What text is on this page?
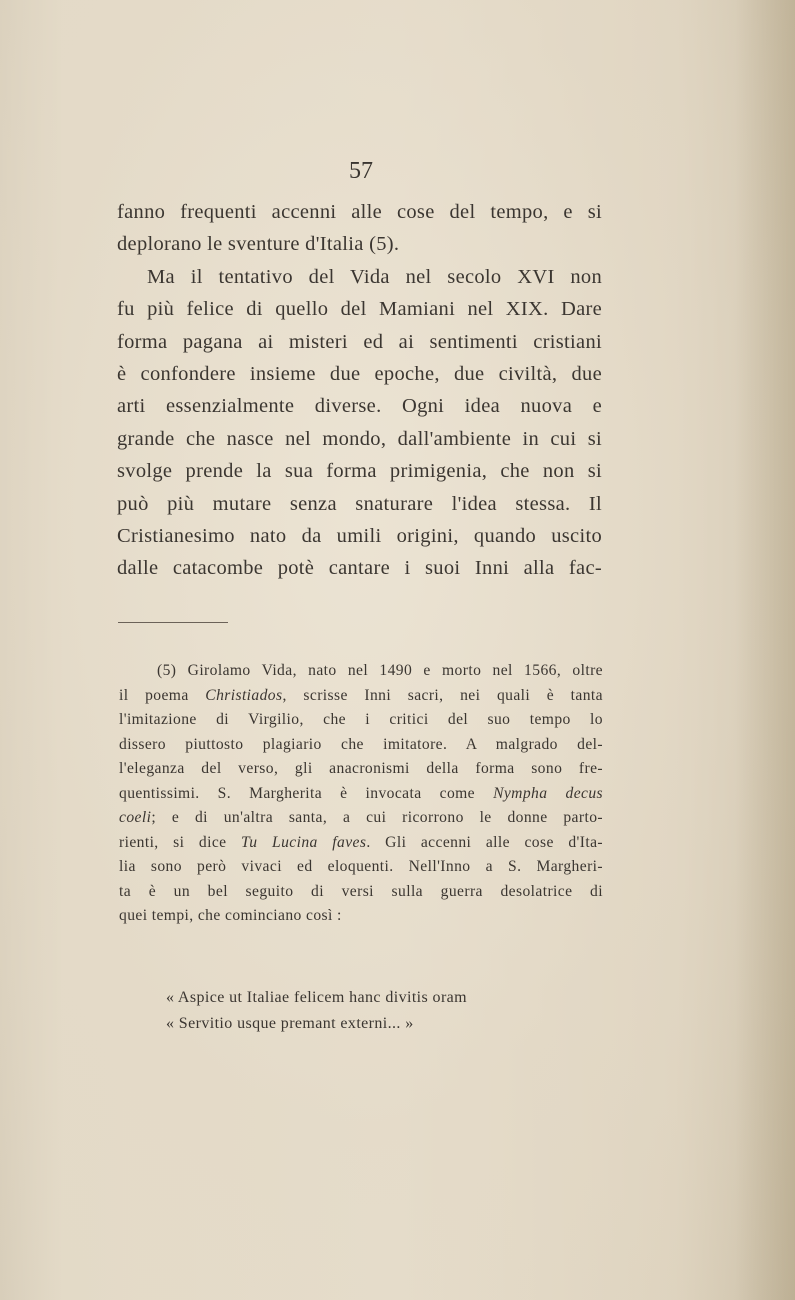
57
fanno frequenti accenni alle cose del tempo, e si
deplorano le sventure d'Italia (5).
Ma il tentativo del Vida nel secolo XVI non
fu più felice di quello del Mamiani nel XIX. Dare
forma pagana ai misteri ed ai sentimenti cristiani
è confondere insieme due epoche, due civiltà, due
arti essenzialmente diverse. Ogni idea nuova e
grande che nasce nel mondo, dall'ambiente in cui si
svolge prende la sua forma primigenia, che non si
può più mutare senza snaturare l'idea stessa. Il
Cristianesimo nato da umili origini, quando uscito
dalle catacombe potè cantare i suoi Inni alla fac-
(5) Girolamo Vida, nato nel 1490 e morto nel 1566, oltre
il poema Christiados, scrisse Inni sacri, nei quali è tanta
l'imitazione di Virgilio, che i critici del suo tempo lo
dissero piuttosto plagiario che imitatore. A malgrado del-
l'eleganza del verso, gli anacronismi della forma sono fre-
quentissimi. S. Margherita è invocata come Nympha decus
coeli; e di un'altra santa, a cui ricorrono le donne parto-
rienti, si dice Tu Lucina faves. Gli accenni alle cose d'Ita-
lia sono però vivaci ed eloquenti. Nell'Inno a S. Margheri-
ta è un bel seguito di versi sulla guerra desolatrice di
quei tempi, che cominciano così :
« Aspice ut Italiae felicem hanc divitis oram
« Servitio usque premant externi... »
